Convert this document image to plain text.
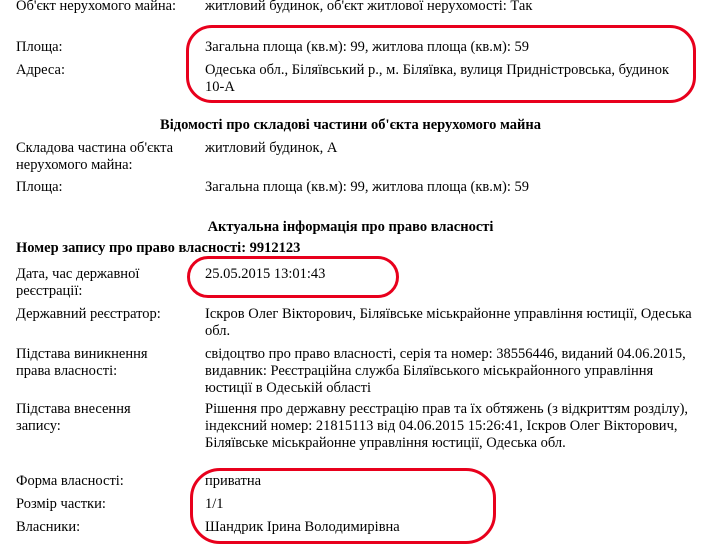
Об'єкт нерухомого майна:	житловий будинок, об'єкт житлової нерухомості: Так
Площа:	Загальна площа (кв.м): 99, житлова площа (кв.м): 59
Адреса:	Одеська обл., Біляївський р., м. Біляївка, вулиця Придністровська, будинок 10-А
Відомості про складові частини об'єкта нерухомого майна
Складова частина об'єкта нерухомого майна:
житловий будинок, А
Площа:	Загальна площа (кв.м): 99, житлова площа (кв.м): 59
Актуальна інформація про право власності
Номер запису про право власності: 9912123
Дата, час державної реєстрації:
25.05.2015 13:01:43
Державний реєстратор:	Іскров Олег Вікторович, Біляївське міськрайонне управління юстиції, Одеська обл.
Підстава виникнення права власності:
свідоцтво про право власності, серія та номер: 38556446, виданий 04.06.2015, видавник: Реєстраційна служба Біляївського міськрайонного управління юстиції в Одеській області
Підстава внесення запису:
Рішення про державну реєстрацію прав та їх обтяжень (з відкриттям розділу), індексний номер: 21815113 від 04.06.2015 15:26:41, Іскров Олег Вікторович, Біляївське міськрайонне управління юстиції, Одеська обл.
Форма власності:	приватна
Розмір частки:	1/1
Власники:	Шандрик Ірина Володимирівна
